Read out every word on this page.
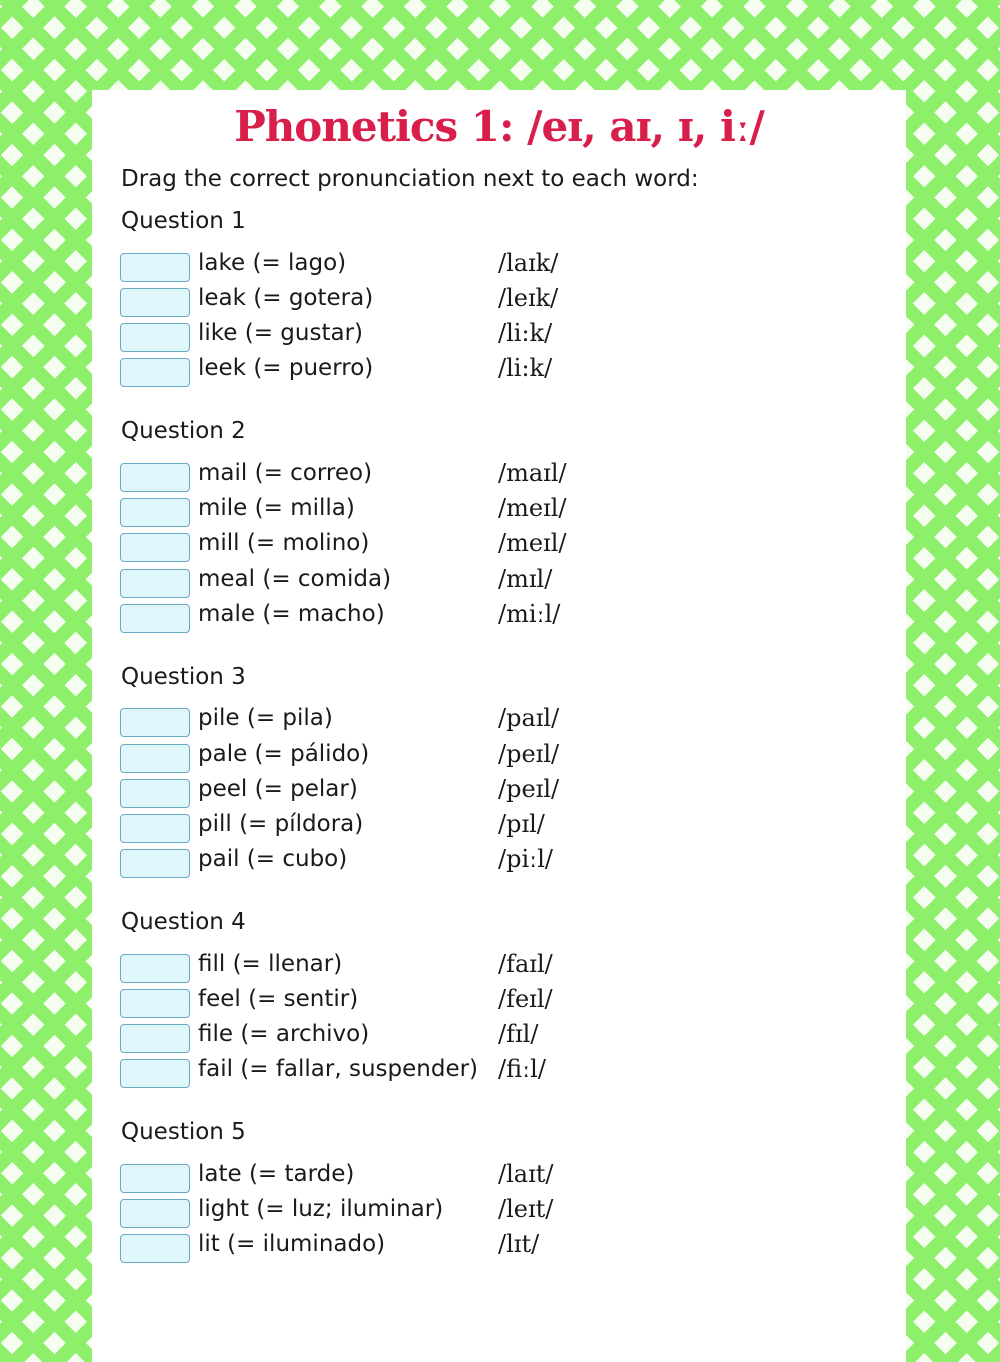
Phonetics 1: /eɪ, aɪ, ɪ, iː/
Drag the correct pronunciation next to each word:
Question 1
lake (= lago)
leak (= gotera)
like (= gustar)
leek (= puerro)
/laɪk/
/leɪk/
/li:k/
/li:k/
Question 2
mail (= correo)
mile (= milla)
mill (= molino)
meal (= comida)
male (= macho)
/maɪl/
/meɪl/
/meɪl/
/mɪl/
/miːl/
Question 3
pile (= pila)
pale (= pálido)
peel (= pelar)
pill (= píldora)
pail (= cubo)
/paɪl/
/peɪl/
/peɪl/
/pɪl/
/piːl/
Question 4
fill (= llenar)
feel (= sentir)
file (= archivo)
fail (= fallar, suspender)
/faɪl/
/feɪl/
/fɪl/
/fiːl/
Question 5
late (= tarde)
light (= luz; iluminar)
lit (= iluminado)
/laɪt/
/leɪt/
/lɪt/
